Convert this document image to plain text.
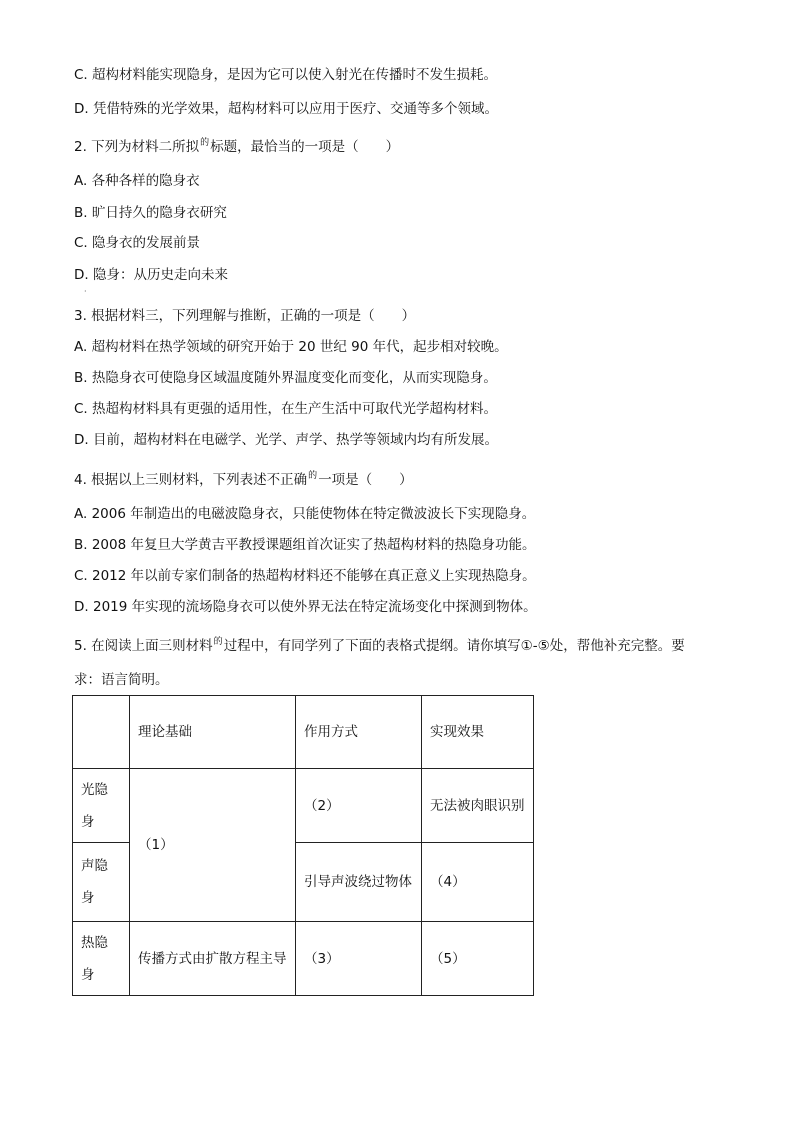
C. 超构材料能实现隐身，是因为它可以使入射光在传播时不发生损耗。
D. 凭借特殊的光学效果，超构材料可以应用于医疗、交通等多个领域。
2. 下列为材料二所拟$^的$标题，最恰当的一项是（　　）
A. 各种各样的隐身衣
B. 旷日持久的隐身衣研究
C. 隐身衣的发展前景
D. 隐身：从历史走向未来
·
3. 根据材料三，下列理解与推断，正确的一项是（　　）
A. 超构材料在热学领域的研究开始于 20 世纪 90 年代，起步相对较晚。
B. 热隐身衣可使隐身区域温度随外界温度变化而变化，从而实现隐身。
C. 热超构材料具有更强的适用性，在生产生活中可取代光学超构材料。
D. 目前，超构材料在电磁学、光学、声学、热学等领域内均有所发展。
4. 根据以上三则材料，下列表述不正确$^的$一项是（　　）
A. 2006 年制造出的电磁波隐身衣，只能使物体在特定微波波长下实现隐身。
B. 2008 年复旦大学黄吉平教授课题组首次证实了热超构材料的热隐身功能。
C. 2012 年以前专家们制备的热超构材料还不能够在真正意义上实现热隐身。
D. 2019 年实现的流场隐身衣可以使外界无法在特定流场变化中探测到物体。
5. 在阅读上面三则材料$^的$过程中，有同学列了下面的表格式提纲。请你填写①-⑤处，帮他补充完整。要
求：语言简明。
	理论基础	作用方式	实现效果
光隐身	（1）	（2）	无法被肉眼识别
声隐身		引导声波绕过物体	（4）
热隐身	传播方式由扩散方程主导	（3）	（5）
